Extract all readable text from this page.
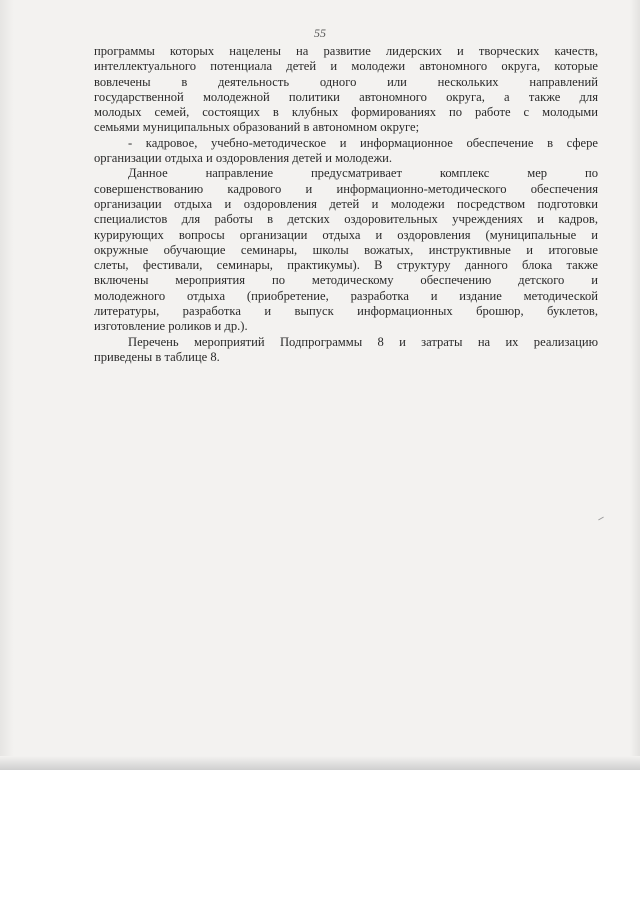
55
программы которых нацелены на развитие лидерских и творческих качеств,
интеллектуального потенциала детей и молодежи автономного округа, которые
вовлечены в деятельность одного или нескольких направлений
государственной молодежной политики автономного округа, а также для
молодых семей, состоящих в клубных формированиях по работе с молодыми
семьями муниципальных образований в автономном округе;
- кадровое, учебно-методическое и информационное обеспечение в сфере
организации отдыха и оздоровления детей и молодежи.
Данное направление предусматривает комплекс мер по
совершенствованию кадрового и информационно-методического обеспечения
организации отдыха и оздоровления детей и молодежи посредством подготовки
специалистов для работы в детских оздоровительных учреждениях и кадров,
курирующих вопросы организации отдыха и оздоровления (муниципальные и
окружные обучающие семинары, школы вожатых, инструктивные и итоговые
слеты, фестивали, семинары, практикумы). В структуру данного блока также
включены мероприятия по методическому обеспечению детского и
молодежного отдыха (приобретение, разработка и издание методической
литературы, разработка и выпуск информационных брошюр, буклетов,
изготовление роликов и др.).
Перечень мероприятий Подпрограммы 8 и затраты на их реализацию
приведены в таблице 8.
